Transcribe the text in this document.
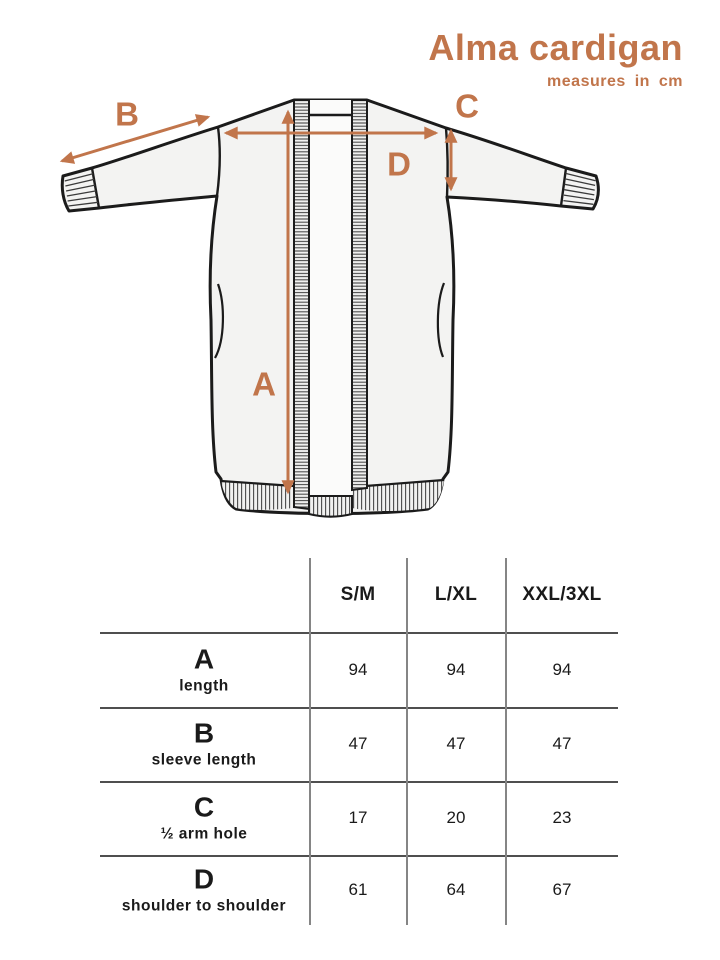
Alma cardigan
measures in cm
A
B	C
D
S/M	L/XL XXL/3XL
A
length
94	94	94
B
sleeve length
47	47	47
C
½ arm hole
17	20	23
D
shoulder to shoulder
61	64	67
